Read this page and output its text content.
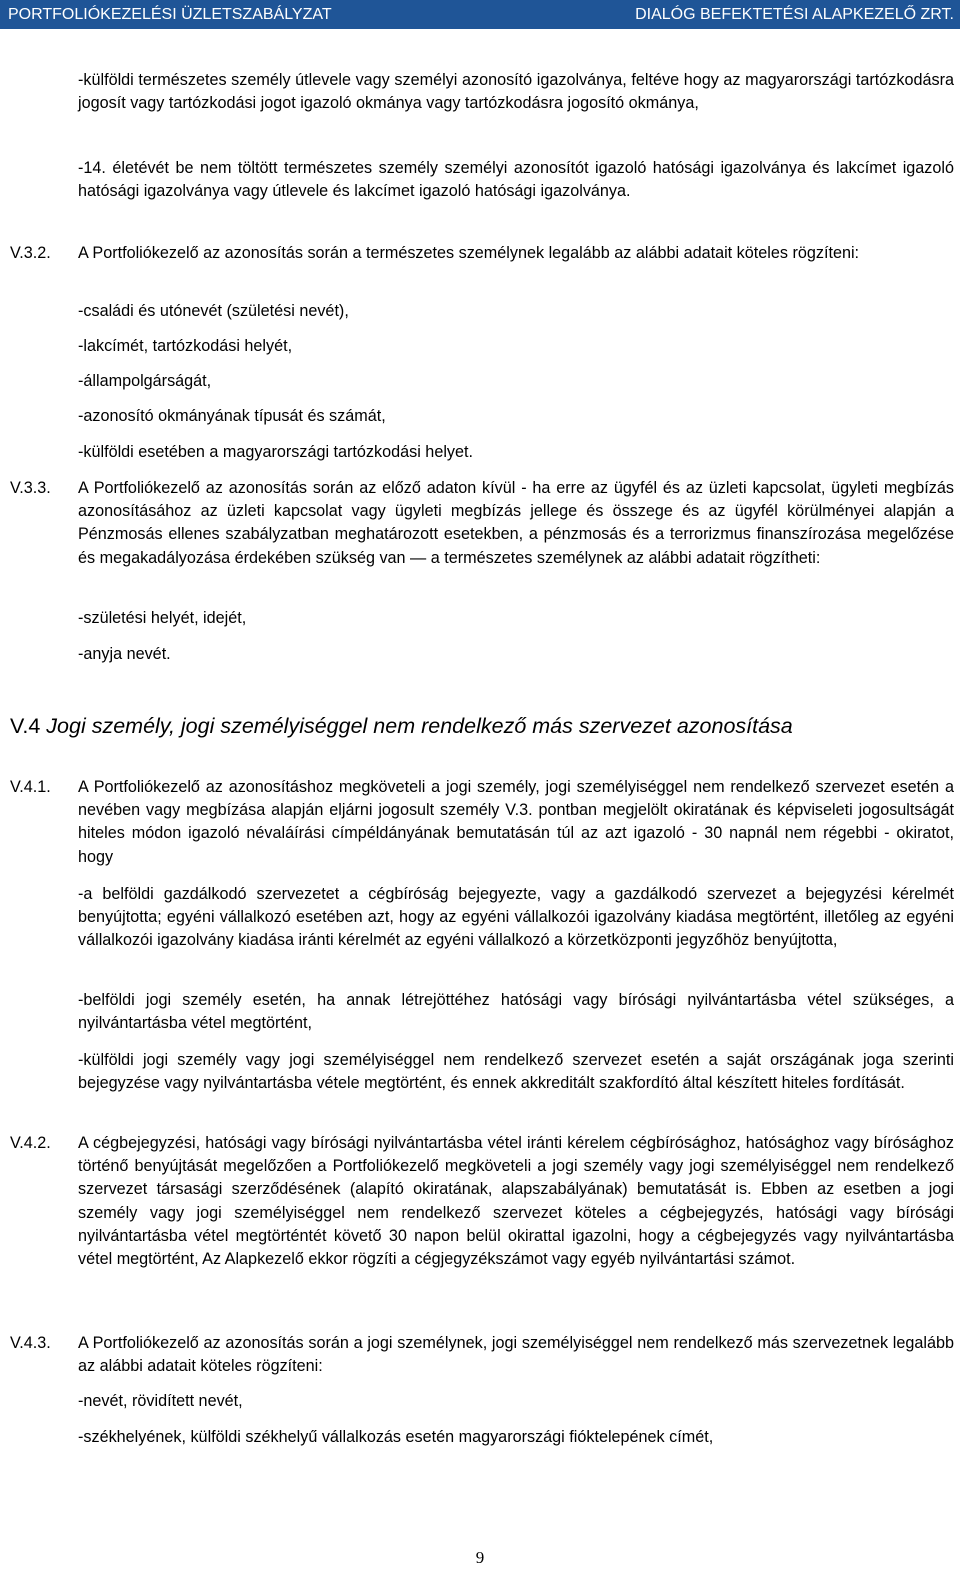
PORTFOLIÓKEZELÉSI ÜZLETSZABÁLYZAT	DIALÓG BEFEKTETÉSI ALAPKEZELŐ ZRT.
-külföldi természetes személy útlevele vagy személyi azonosító igazolványa, feltéve hogy az magyarországi tartózkodásra jogosít vagy tartózkodási jogot igazoló okmánya vagy tartózkodásra jogosító okmánya,
-14. életévét be nem töltött természetes személy személyi azonosítót igazoló hatósági igazolványa és lakcímet igazoló hatósági igazolványa vagy útlevele és lakcímet igazoló hatósági igazolványa.
V.3.2.	A Portfoliókezelő az azonosítás során a természetes személynek legalább az alábbi adatait köteles rögzíteni:
-családi és utónevét (születési nevét),
-lakcímét, tartózkodási helyét,
-állampolgárságát,
-azonosító okmányának típusát és számát,
-külföldi esetében a magyarországi tartózkodási helyet.
V.3.3.	A Portfoliókezelő az azonosítás során az előző adaton kívül - ha erre az ügyfél és az üzleti kapcsolat, ügyleti megbízás azonosításához az üzleti kapcsolat vagy ügyleti megbízás jellege és összege és az ügyfél körülményei alapján a Pénzmosás ellenes szabályzatban meghatározott esetekben, a pénzmosás és a terrorizmus finanszírozása megelőzése és megakadályozása érdekében szükség van — a természetes személynek az alábbi adatait rögzítheti:
-születési helyét, idejét,
-anyja nevét.
V.4 Jogi személy, jogi személyiséggel nem rendelkező más szervezet azonosítása
V.4.1.	A Portfoliókezelő az azonosításhoz megköveteli a jogi személy, jogi személyiséggel nem rendelkező szervezet esetén a nevében vagy megbízása alapján eljárni jogosult személy V.3. pontban megjelölt okiratának és képviseleti jogosultságát hiteles módon igazoló névaláírási címpéldányának bemutatásán túl az azt igazoló - 30 napnál nem régebbi - okiratot, hogy
-a belföldi gazdálkodó szervezetet a cégbíróság bejegyezte, vagy a gazdálkodó szervezet a bejegyzési kérelmét benyújtotta; egyéni vállalkozó esetében azt, hogy az egyéni vállalkozói igazolvány kiadása megtörtént, illetőleg az egyéni vállalkozói igazolvány kiadása iránti kérelmét az egyéni vállalkozó a körzetközponti jegyzőhöz benyújtotta,
-belföldi jogi személy esetén, ha annak létrejöttéhez hatósági vagy bírósági nyilvántartásba vétel szükséges, a nyilvántartásba vétel megtörtént,
-külföldi jogi személy vagy jogi személyiséggel nem rendelkező szervezet esetén a saját országának joga szerinti bejegyzése vagy nyilvántartásba vétele megtörtént, és ennek akkreditált szakfordító által készített hiteles fordítását.
V.4.2.	A cégbejegyzési, hatósági vagy bírósági nyilvántartásba vétel iránti kérelem cégbírósághoz, hatósághoz vagy bírósághoz történő benyújtását megelőzően a Portfoliókezelő megköveteli a jogi személy vagy jogi személyiséggel nem rendelkező szervezet társasági szerződésének (alapító okiratának, alapszabályának) bemutatását is. Ebben az esetben a jogi személy vagy jogi személyiséggel nem rendelkező szervezet köteles a cégbejegyzés, hatósági vagy bírósági nyilvántartásba vétel megtörténtét követő 30 napon belül okirattal igazolni, hogy a cégbejegyzés vagy nyilvántartásba vétel megtörtént, Az Alapkezelő ekkor rögzíti a cégjegyzékszámot vagy egyéb nyilvántartási számot.
V.4.3.	A Portfoliókezelő az azonosítás során a jogi személynek, jogi személyiséggel nem rendelkező más szervezetnek legalább az alábbi adatait köteles rögzíteni:
-nevét, rövidített nevét,
-székhelyének, külföldi székhelyű vállalkozás esetén magyarországi fióktelepének címét,
9
